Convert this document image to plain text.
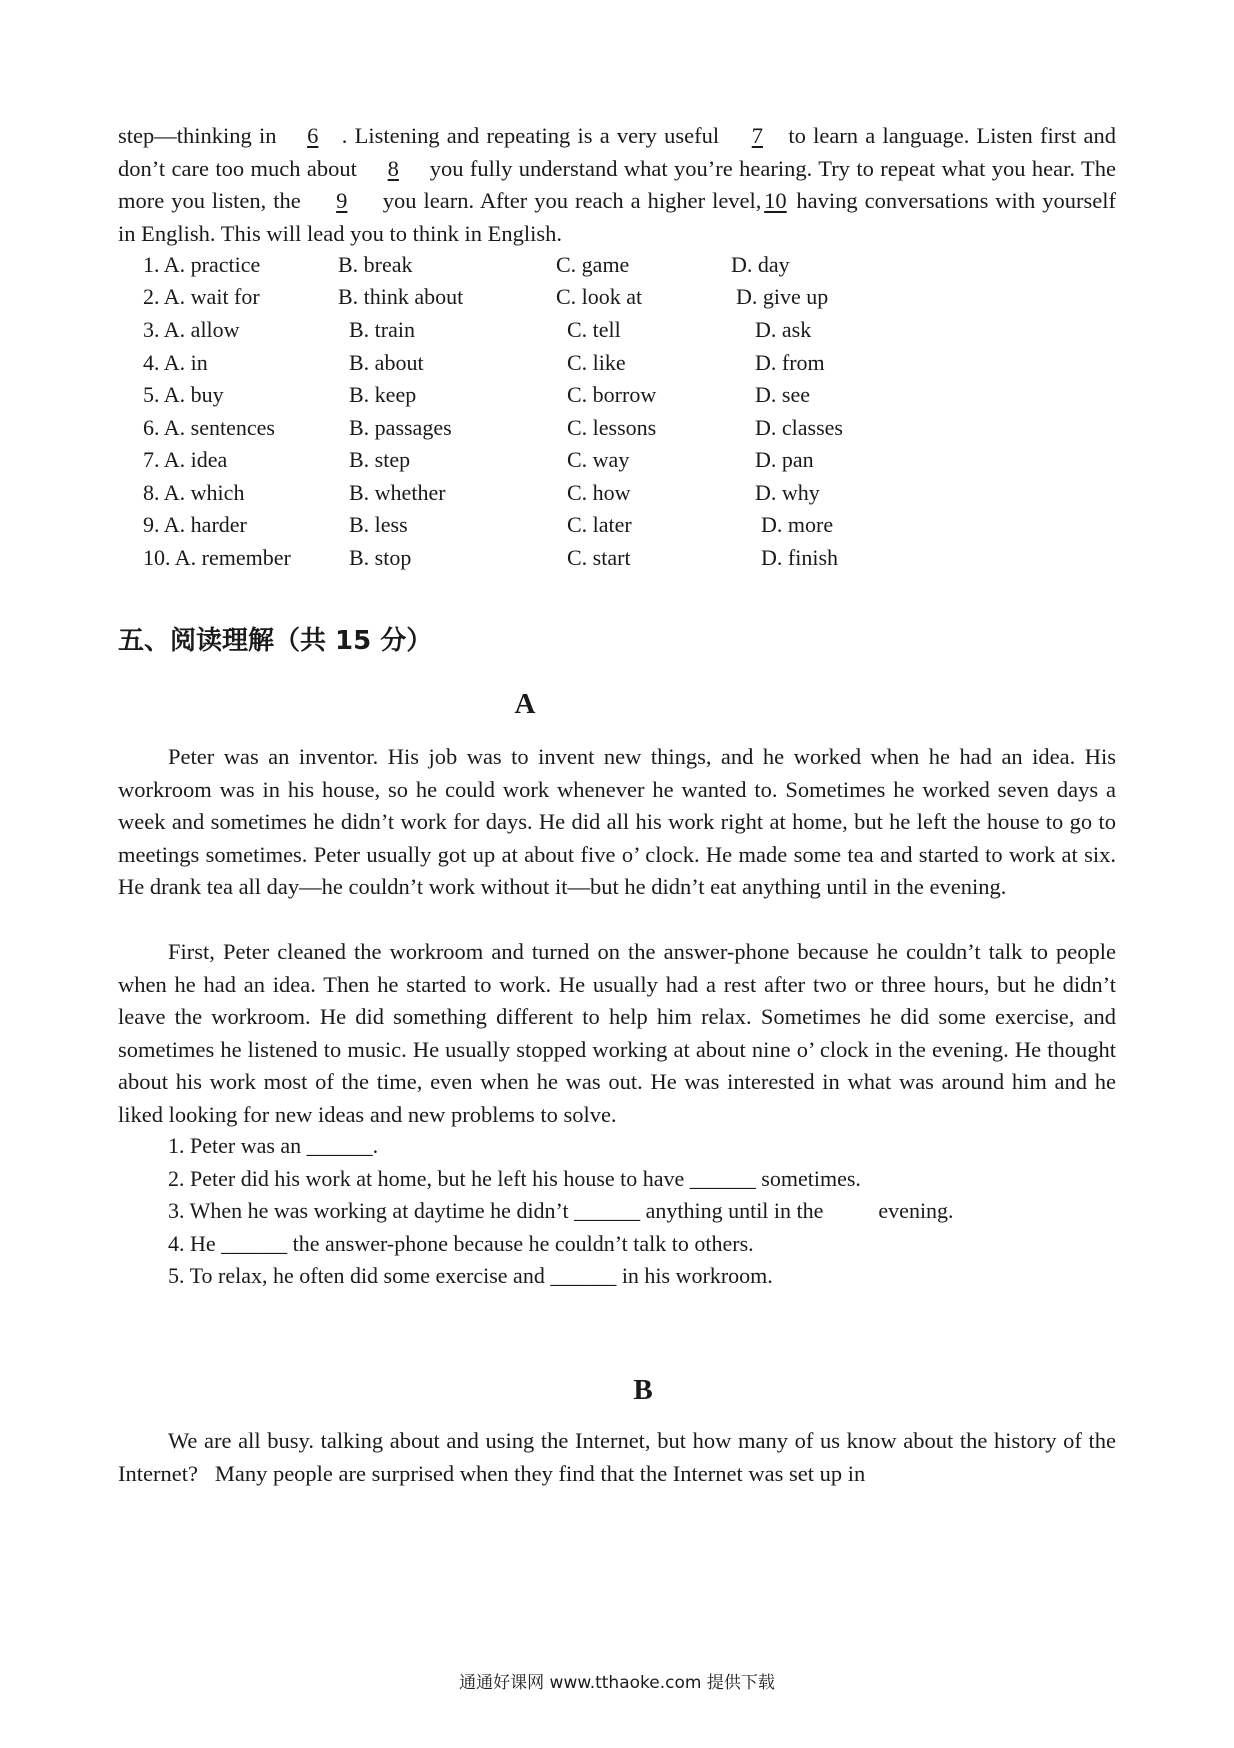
step—thinking in 6 . Listening and repeating is a very useful 7 to learn a language. Listen first and don’t care too much about 8 you fully understand what you’re hearing. Try to repeat what you hear. The more you listen, the 9 you learn. After you reach a higher level, 10 having conversations with yourself in English. This will lead you to think in English.
1. A. practice	B. break	C. game	D. day
2. A. wait for	B. think about	C. look at	D. give up
3. A. allow	B. train	C. tell	D. ask
4. A. in	B. about	C. like	D. from
5. A. buy	B. keep	C. borrow	D. see
6. A. sentences	B. passages	C. lessons	D. classes
7. A. idea	B. step	C. way	D. pan
8. A. which	B. whether	C. how	D. why
9. A. harder	B. less	C. later	D. more
10. A. remember	B. stop	C. start	D. finish
五、阅读理解（共 15 分）
A
Peter was an inventor. His job was to invent new things, and he worked when he had an idea. His workroom was in his house, so he could work whenever he wanted to. Sometimes he worked seven days a week and sometimes he didn’t work for days. He did all his work right at home, but he left the house to go to meetings sometimes. Peter usually got up at about five o’ clock. He made some tea and started to work at six. He drank tea all day—he couldn’t work without it—but he didn’t eat anything until in the evening.
First, Peter cleaned the workroom and turned on the answer-phone because he couldn’t talk to people when he had an idea. Then he started to work. He usually had a rest after two or three hours, but he didn’t leave the workroom. He did something different to help him relax. Sometimes he did some exercise, and sometimes he listened to music. He usually stopped working at about nine o’ clock in the evening. He thought about his work most of the time, even when he was out. He was interested in what was around him and he liked looking for new ideas and new problems to solve.
1. Peter was an ______.
2. Peter did his work at home, but he left his house to have ______ sometimes.
3. When he was working at daytime he didn’t ______ anything until in the          evening.
4. He ______ the answer-phone because he couldn’t talk to others.
5. To relax, he often did some exercise and ______ in his workroom.
B
We are all busy. talking about and using the Internet, but how many of us know about the history of the Internet?   Many people are surprised when they find that the Internet was set up in
通通好课网 www.tthaoke.com 提供下载
